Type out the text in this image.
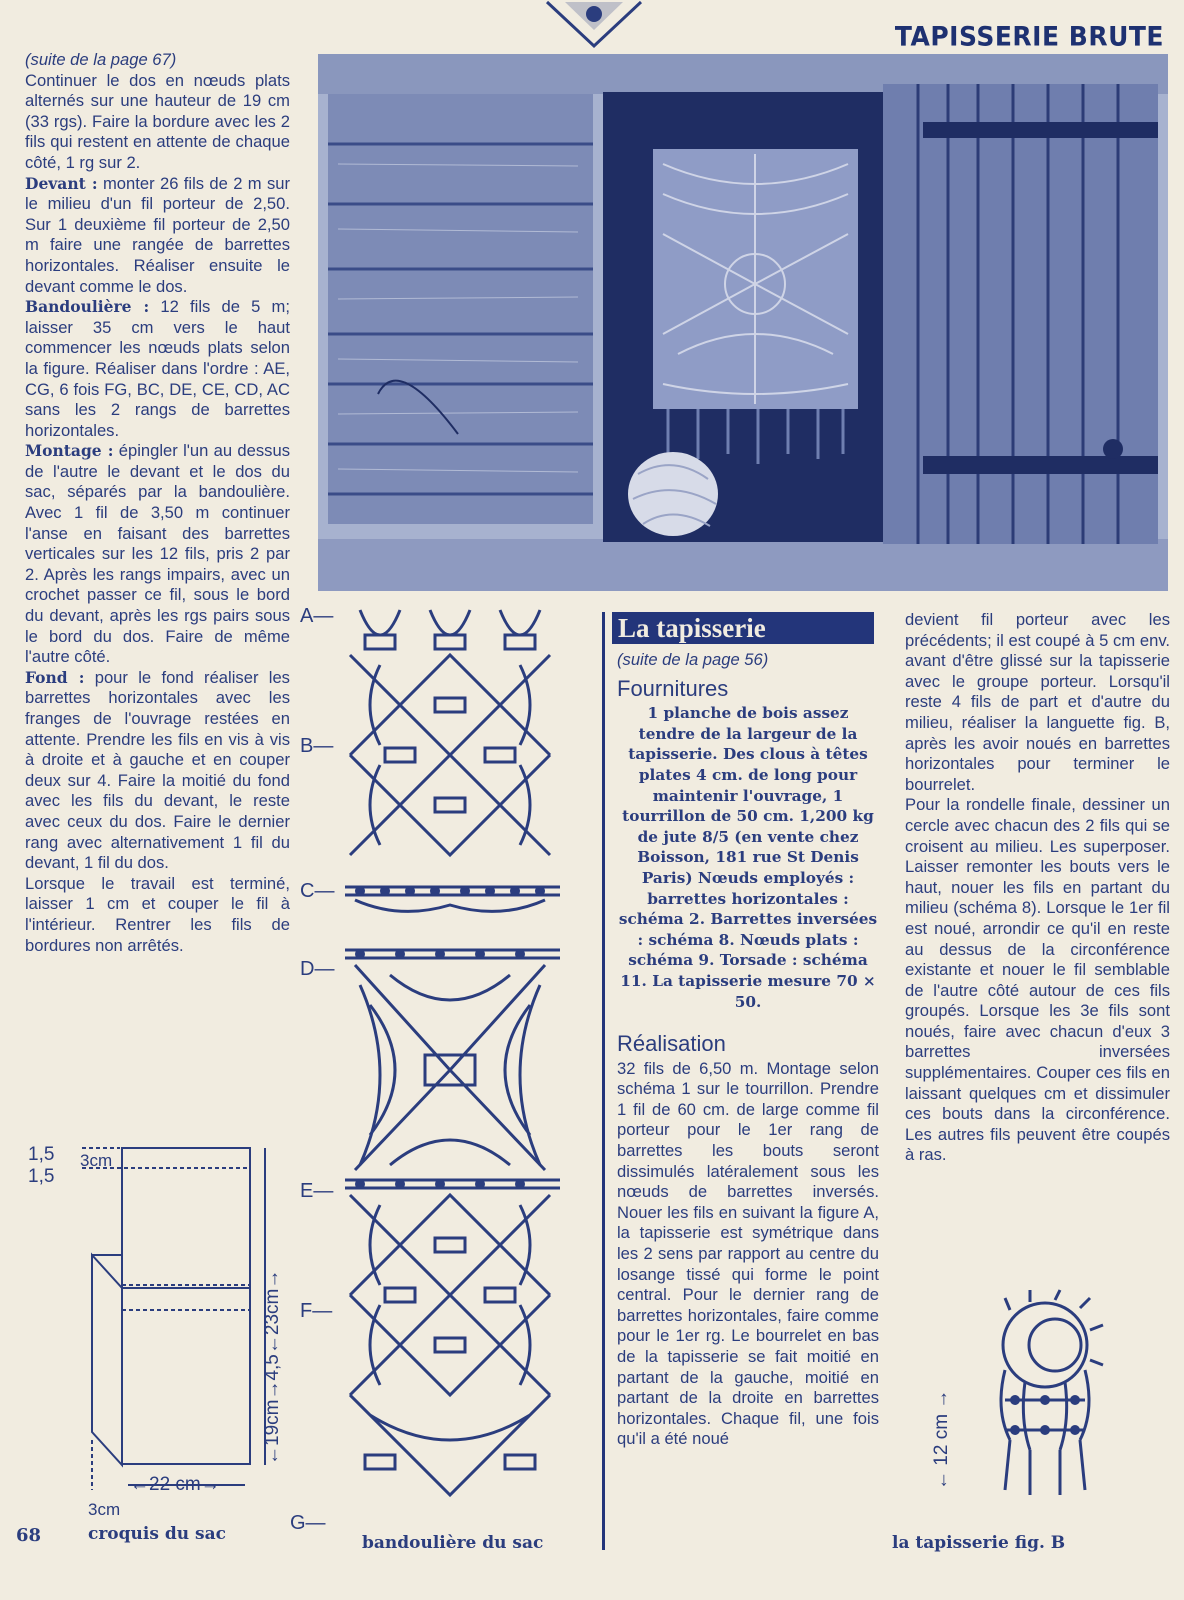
TAPISSERIE BRUTE

(suite de la page 67)

Continuer le dos en nœuds plats alternés sur une hauteur de 19 cm (33 rgs). Faire la bordure avec les 2 fils qui restent en attente de chaque côté, 1 rg sur 2.

Devant : monter 26 fils de 2 m sur le milieu d'un fil porteur de 2,50. Sur 1 deuxième fil porteur de 2,50 m faire une rangée de barrettes horizontales. Réaliser ensuite le devant comme le dos.

Bandoulière : 12 fils de 5 m; laisser 35 cm vers le haut commencer les nœuds plats selon la figure. Réaliser dans l'ordre : AE, CG, 6 fois FG, BC, DE, CE, CD, AC sans les 2 rangs de barrettes horizontales.

Montage : épingler l'un au dessus de l'autre le devant et le dos du sac, séparés par la bandoulière. Avec 1 fil de 3,50 m continuer l'anse en faisant des barrettes verticales sur les 12 fils, pris 2 par 2. Après les rangs impairs, avec un crochet passer ce fil, sous le bord du devant, après les rgs pairs sous le bord du dos. Faire de même l'autre côté.

Fond : pour le fond réaliser les barrettes horizontales avec les franges de l'ouvrage restées en attente. Prendre les fils en vis à vis à droite et à gauche et en couper deux sur 4. Faire la moitié du fond avec les fils du devant, le reste avec ceux du dos. Faire le dernier rang avec alternativement 1 fil du devant, 1 fil du dos.

Lorsque le travail est terminé, laisser 1 cm et couper le fil à l'intérieur. Rentrer les fils de bordures non arrêtés.

1,5 3cm
1,5
←19cm→4,5←23cm→
←22 cm→
3cm
croquis du sac
68
A—
B—
C—
D—
E—
F—
G—
bandoulière du sac
La tapisserie

(suite de la page 56)

Fournitures

1 planche de bois assez tendre de la largeur de la tapisserie. Des clous à têtes plates 4 cm. de long pour maintenir l'ouvrage, 1 tourrillon de 50 cm. 1,200 kg de jute 8/5 (en vente chez Boisson, 181 rue St Denis Paris) Nœuds employés : barrettes horizontales : schéma 2. Barrettes inversées : schéma 8. Nœuds plats : schéma 9. Torsade : schéma 11. La tapisserie mesure 70 × 50.

Réalisation

32 fils de 6,50 m. Montage selon schéma 1 sur le tourrillon. Prendre 1 fil de 60 cm. de large comme fil porteur pour le 1er rang de barrettes les bouts seront dissimulés latéralement sous les nœuds de barrettes inversés. Nouer les fils en suivant la figure A, la tapisserie est symétrique dans les 2 sens par rapport au centre du losange tissé qui forme le point central. Pour le dernier rang de barrettes horizontales, faire comme pour le 1er rg. Le bourrelet en bas de la tapisserie se fait moitié en partant de la gauche, moitié en partant de la droite en barrettes horizontales. Chaque fil, une fois qu'il a été noué

devient fil porteur avec les précédents; il est coupé à 5 cm env. avant d'être glissé sur la tapisserie avec le groupe porteur. Lorsqu'il reste 4 fils de part et d'autre du milieu, réaliser la languette fig. B, après les avoir noués en barrettes horizontales pour terminer le bourrelet.

Pour la rondelle finale, dessiner un cercle avec chacun des 2 fils qui se croisent au milieu. Les superposer. Laisser remonter les bouts vers le haut, nouer les fils en partant du milieu (schéma 8). Lorsque le 1er fil est noué, arrondir ce qu'il en reste au dessus de la circonférence existante et nouer le fil semblable de l'autre côté autour de ces fils groupés. Lorsque les 3e fils sont noués, faire avec chacun d'eux 3 barrettes inversées supplémentaires. Couper ces fils en laissant quelques cm et dissimuler ces bouts dans la circonférence. Les autres fils peuvent être coupés à ras.

← 12 cm →
la tapisserie fig. B
